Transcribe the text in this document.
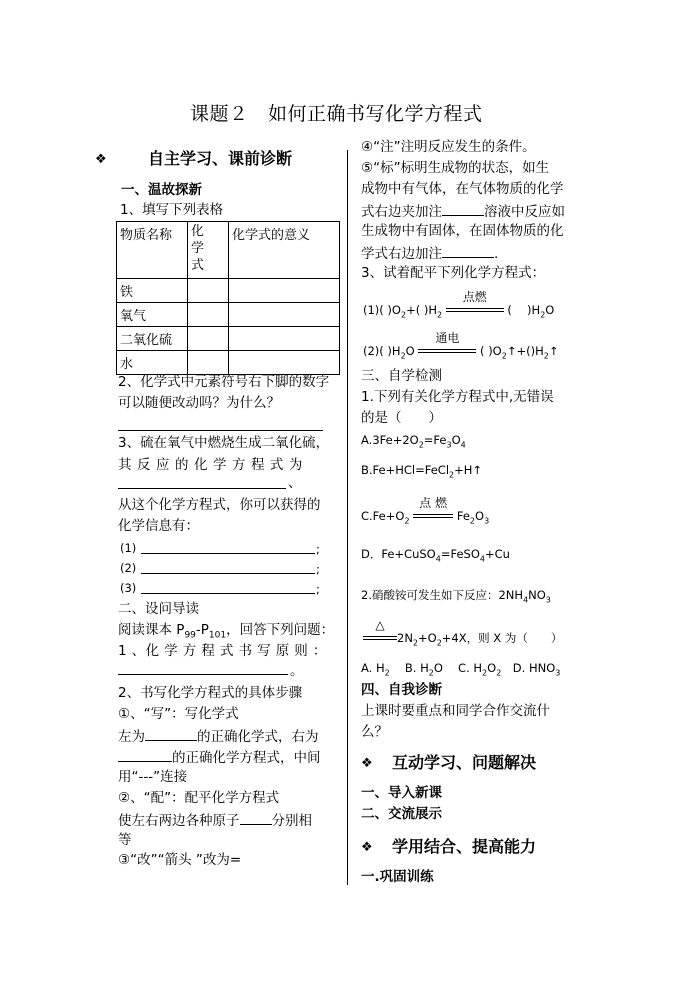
课题２　如何正确书写化学方程式
❖	自主学习、课前诊断
一、温故探新
1、填写下列表格
物质名称	化
学
式	化学式的意义
铁		
氧气		
二氧化硫		
水		
2、化学式中元素符号右下脚的数字
可以随便改动吗？为什么？
3、硫在氧气中燃烧生成二氧化硫，
其 反 应 的 化 学 方 程 式 为
、
从这个化学方程式，你可以获得的
化学信息有：
(1)	;
(2)	;
(3)	;
二、设问导读
阅读课本 $P_{99}-P_{101}$，回答下列问题：
1 、化 学 方 程 式 书 写 原 则 ：
。
2、书写化学方程式的具体步骤
①、“写”：写化学式
左为	的正确化学式，右为
的正确化学方程式，中间
用“---”连接
②、“配”：配平化学方程式
使左右两边各种原子 分别相
等
③“改”“箭头 ”改为=
④“注”注明反应发生的条件。
⑤“标”标明生成物的状态，如生
成物中有气体，在气体物质的化学
式右边夹加注	溶液中反应如
生成物中有固体，在固体物质的化
学式右边加注	.
3、试着配平下列化学方程式：
(1)( )$O_2+$( )$H_2$
点燃
(　 )$H_2O$
(2)( )$H_2O$
通电
( )$O_2↑+()H_2↑$
三、自学检测
1.下列有关化学方程式中,无错误
的是（　　）
$A.3Fe+2O_2=Fe_3O_4$
B.Fe+HCl=FeCl$_2$+H↑
$C.Fe+O_2$
点 燃
$Fe_2O_3$
D．Fe+CuSO$_4$=FeSO$_4$+Cu
2.硝酸铵可发生如下反应：$2NH_4NO_3$
△
$2N_2+O_2+4X$，则 X 为（　　）
A. $H_2$　 B. $H_2O$　 C. $H_2O_2$　D. $HNO_3$
四、自我诊断
上课时要重点和同学合作交流什
么？
❖ 互动学习、问题解决
一、导入新课
二、交流展示
❖ 学用结合、提高能力
一.巩固训练
